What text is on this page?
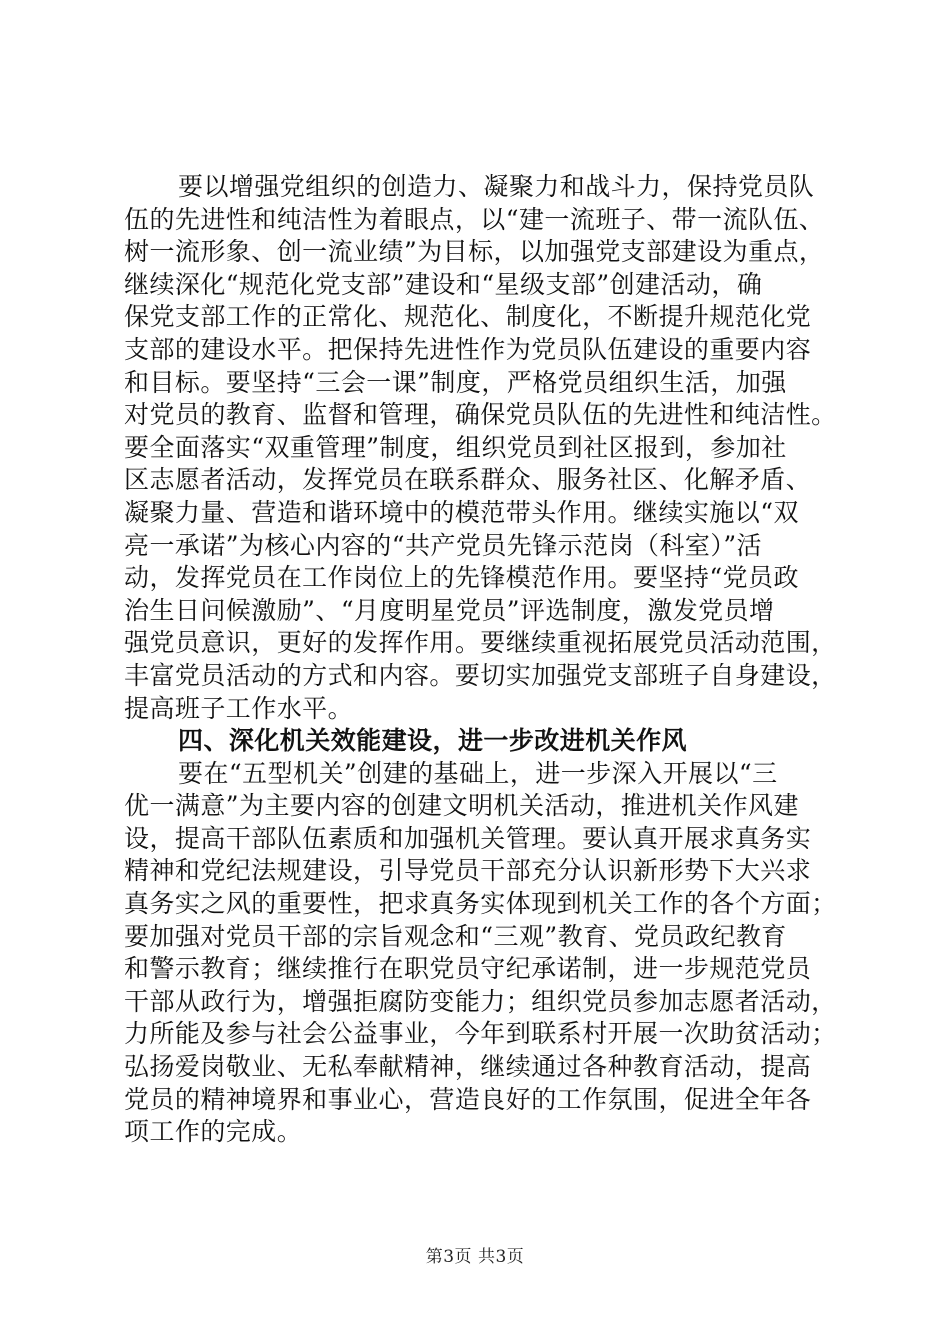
要以增强党组织的创造力、凝聚力和战斗力，保持党员队
伍的先进性和纯洁性为着眼点，以“建一流班子、带一流队伍、
树一流形象、创一流业绩”为目标，以加强党支部建设为重点，
继续深化“规范化党支部”建设和“星级支部”创建活动，确
保党支部工作的正常化、规范化、制度化，不断提升规范化党
支部的建设水平。把保持先进性作为党员队伍建设的重要内容
和目标。要坚持“三会一课”制度，严格党员组织生活，加强
对党员的教育、监督和管理，确保党员队伍的先进性和纯洁性。
要全面落实“双重管理”制度，组织党员到社区报到，参加社
区志愿者活动，发挥党员在联系群众、服务社区、化解矛盾、
凝聚力量、营造和谐环境中的模范带头作用。继续实施以“双
亮一承诺”为核心内容的“共产党员先锋示范岗（科室）”活
动，发挥党员在工作岗位上的先锋模范作用。要坚持“党员政
治生日问候激励”、“月度明星党员”评选制度，激发党员增
强党员意识，更好的发挥作用。要继续重视拓展党员活动范围，
丰富党员活动的方式和内容。要切实加强党支部班子自身建设，
提高班子工作水平。
四、深化机关效能建设，进一步改进机关作风
要在“五型机关”创建的基础上，进一步深入开展以“三
优一满意”为主要内容的创建文明机关活动，推进机关作风建
设，提高干部队伍素质和加强机关管理。要认真开展求真务实
精神和党纪法规建设，引导党员干部充分认识新形势下大兴求
真务实之风的重要性，把求真务实体现到机关工作的各个方面；
要加强对党员干部的宗旨观念和“三观”教育、党员政纪教育
和警示教育；继续推行在职党员守纪承诺制，进一步规范党员
干部从政行为，增强拒腐防变能力；组织党员参加志愿者活动，
力所能及参与社会公益事业，今年到联系村开展一次助贫活动；
弘扬爱岗敬业、无私奉献精神，继续通过各种教育活动，提高
党员的精神境界和事业心，营造良好的工作氛围，促进全年各
项工作的完成。
第3页 共3页
